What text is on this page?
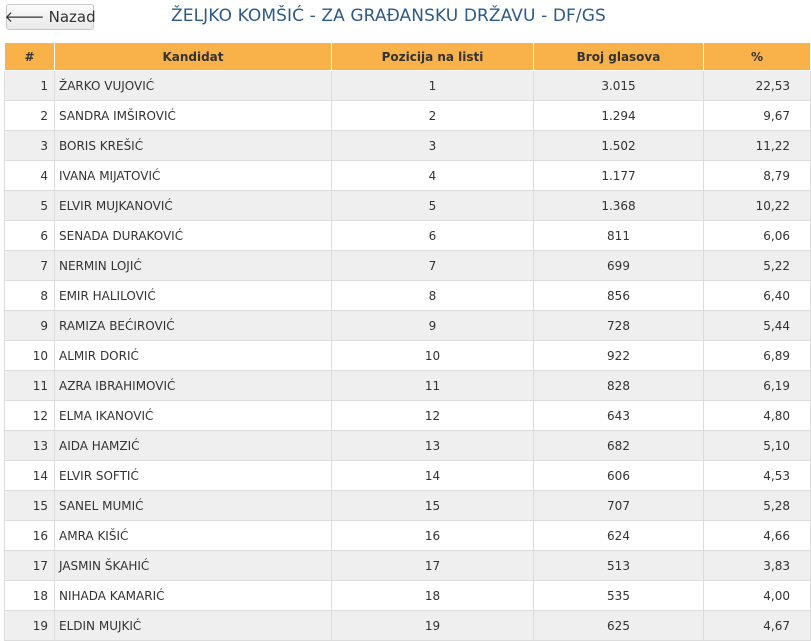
🡐 Nazad	ŽELJKO KOMŠIĆ - ZA GRAĐANSKU DRŽAVU - DF/GS
#	Kandidat	Pozicija na listi	Broj glasova	%
1	ŽARKO VUJOVIĆ	1	3.015	22,53
2	SANDRA IMŠIROVIĆ	2	1.294	9,67
3	BORIS KREŠIĆ	3	1.502	11,22
4	IVANA MIJATOVIĆ	4	1.177	8,79
5	ELVIR MUJKANOVIĆ	5	1.368	10,22
6	SENADA DURAKOVIĆ	6	811	6,06
7	NERMIN LOJIĆ	7	699	5,22
8	EMIR HALILOVIĆ	8	856	6,40
9	RAMIZA BEĆIROVIĆ	9	728	5,44
10	ALMIR DORIĆ	10	922	6,89
11	AZRA IBRAHIMOVIĆ	11	828	6,19
12	ELMA IKANOVIĆ	12	643	4,80
13	AIDA HAMZIĆ	13	682	5,10
14	ELVIR SOFTIĆ	14	606	4,53
15	SANEL MUMIĆ	15	707	5,28
16	AMRA KIŠIĆ	16	624	4,66
17	JASMIN ŠKAHIĆ	17	513	3,83
18	NIHADA KAMARIĆ	18	535	4,00
19	ELDIN MUJKIĆ	19	625	4,67
